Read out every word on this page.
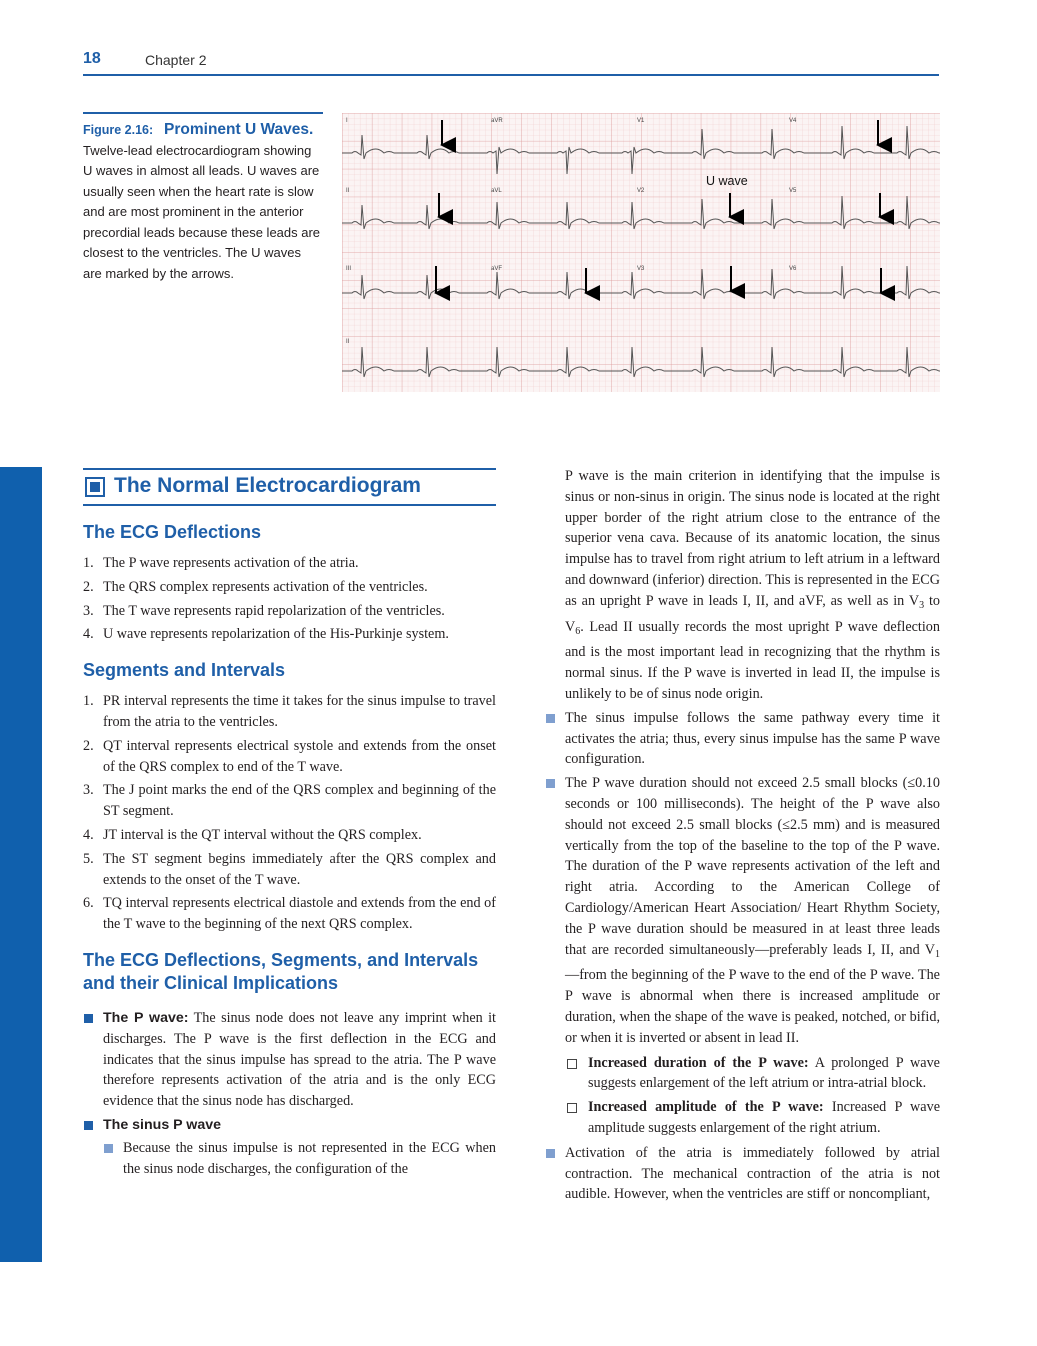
18	Chapter 2
Figure 2.16: Prominent U Waves. Twelve-lead electrocardiogram showing U waves in almost all leads. U waves are usually seen when the heart rate is slow and are most prominent in the anterior precordial leads because these leads are closest to the ventricles. The U waves are marked by the arrows.
I	aVR	V1	V4
II	aVL	V2	V5
III	aVF	V3	V6
II
U wave
The Normal Electrocardiogram
The ECG Deflections
1. The P wave represents activation of the atria.
2. The QRS complex represents activation of the ventricles.
3. The T wave represents rapid repolarization of the ventricles.
4. U wave represents repolarization of the His-Purkinje system.
Segments and Intervals
1. PR interval represents the time it takes for the sinus impulse to travel from the atria to the ventricles.
2. QT interval represents electrical systole and extends from the onset of the QRS complex to end of the T wave.
3. The J point marks the end of the QRS complex and beginning of the ST segment.
4. JT interval is the QT interval without the QRS complex.
5. The ST segment begins immediately after the QRS complex and extends to the onset of the T wave.
6. TQ interval represents electrical diastole and extends from the end of the T wave to the beginning of the next QRS complex.
The ECG Deflections, Segments, and Intervals and their Clinical Implications
The P wave: The sinus node does not leave any imprint when it discharges. The P wave is the first deflection in the ECG and indicates that the sinus impulse has spread to the atria. The P wave therefore represents activation of the atria and is the only ECG evidence that the sinus node has discharged.
The sinus P wave
Because the sinus impulse is not represented in the ECG when the sinus node discharges, the configuration of the

P wave is the main criterion in identifying that the impulse is sinus or non-sinus in origin. The sinus node is located at the right upper border of the right atrium close to the entrance of the superior vena cava. Because of its anatomic location, the sinus impulse has to travel from right atrium to left atrium in a leftward and downward (inferior) direction. This is represented in the ECG as an upright P wave in leads I, II, and aVF, as well as in $V_3$ to $V_6$. Lead II usually records the most upright P wave deflection and is the most important lead in recognizing that the rhythm is normal sinus. If the P wave is inverted in lead II, the impulse is unlikely to be of sinus node origin.

The sinus impulse follows the same pathway every time it activates the atria; thus, every sinus impulse has the same P wave configuration.
The P wave duration should not exceed 2.5 small blocks (≤0.10 seconds or 100 milliseconds). The height of the P wave also should not exceed 2.5 small blocks (≤2.5 mm) and is measured vertically from the top of the baseline to the top of the P wave. The duration of the P wave represents activation of the left and right atria. According to the American College of Cardiology/American Heart Association/ Heart Rhythm Society, the P wave duration should be measured in at least three leads that are recorded simultaneously—preferably leads I, II, and $V_1—from$ the beginning of the P wave to the end of the P wave. The P wave is abnormal when there is increased amplitude or duration, when the shape of the wave is peaked, notched, or bifid, or when it is inverted or absent in lead II.
Increased duration of the P wave: A prolonged P wave suggests enlargement of the left atrium or intra-atrial block.
Increased amplitude of the P wave: Increased P wave amplitude suggests enlargement of the right atrium.
Activation of the atria is immediately followed by atrial contraction. The mechanical contraction of the atria is not audible. However, when the ventricles are stiff or noncompliant,
